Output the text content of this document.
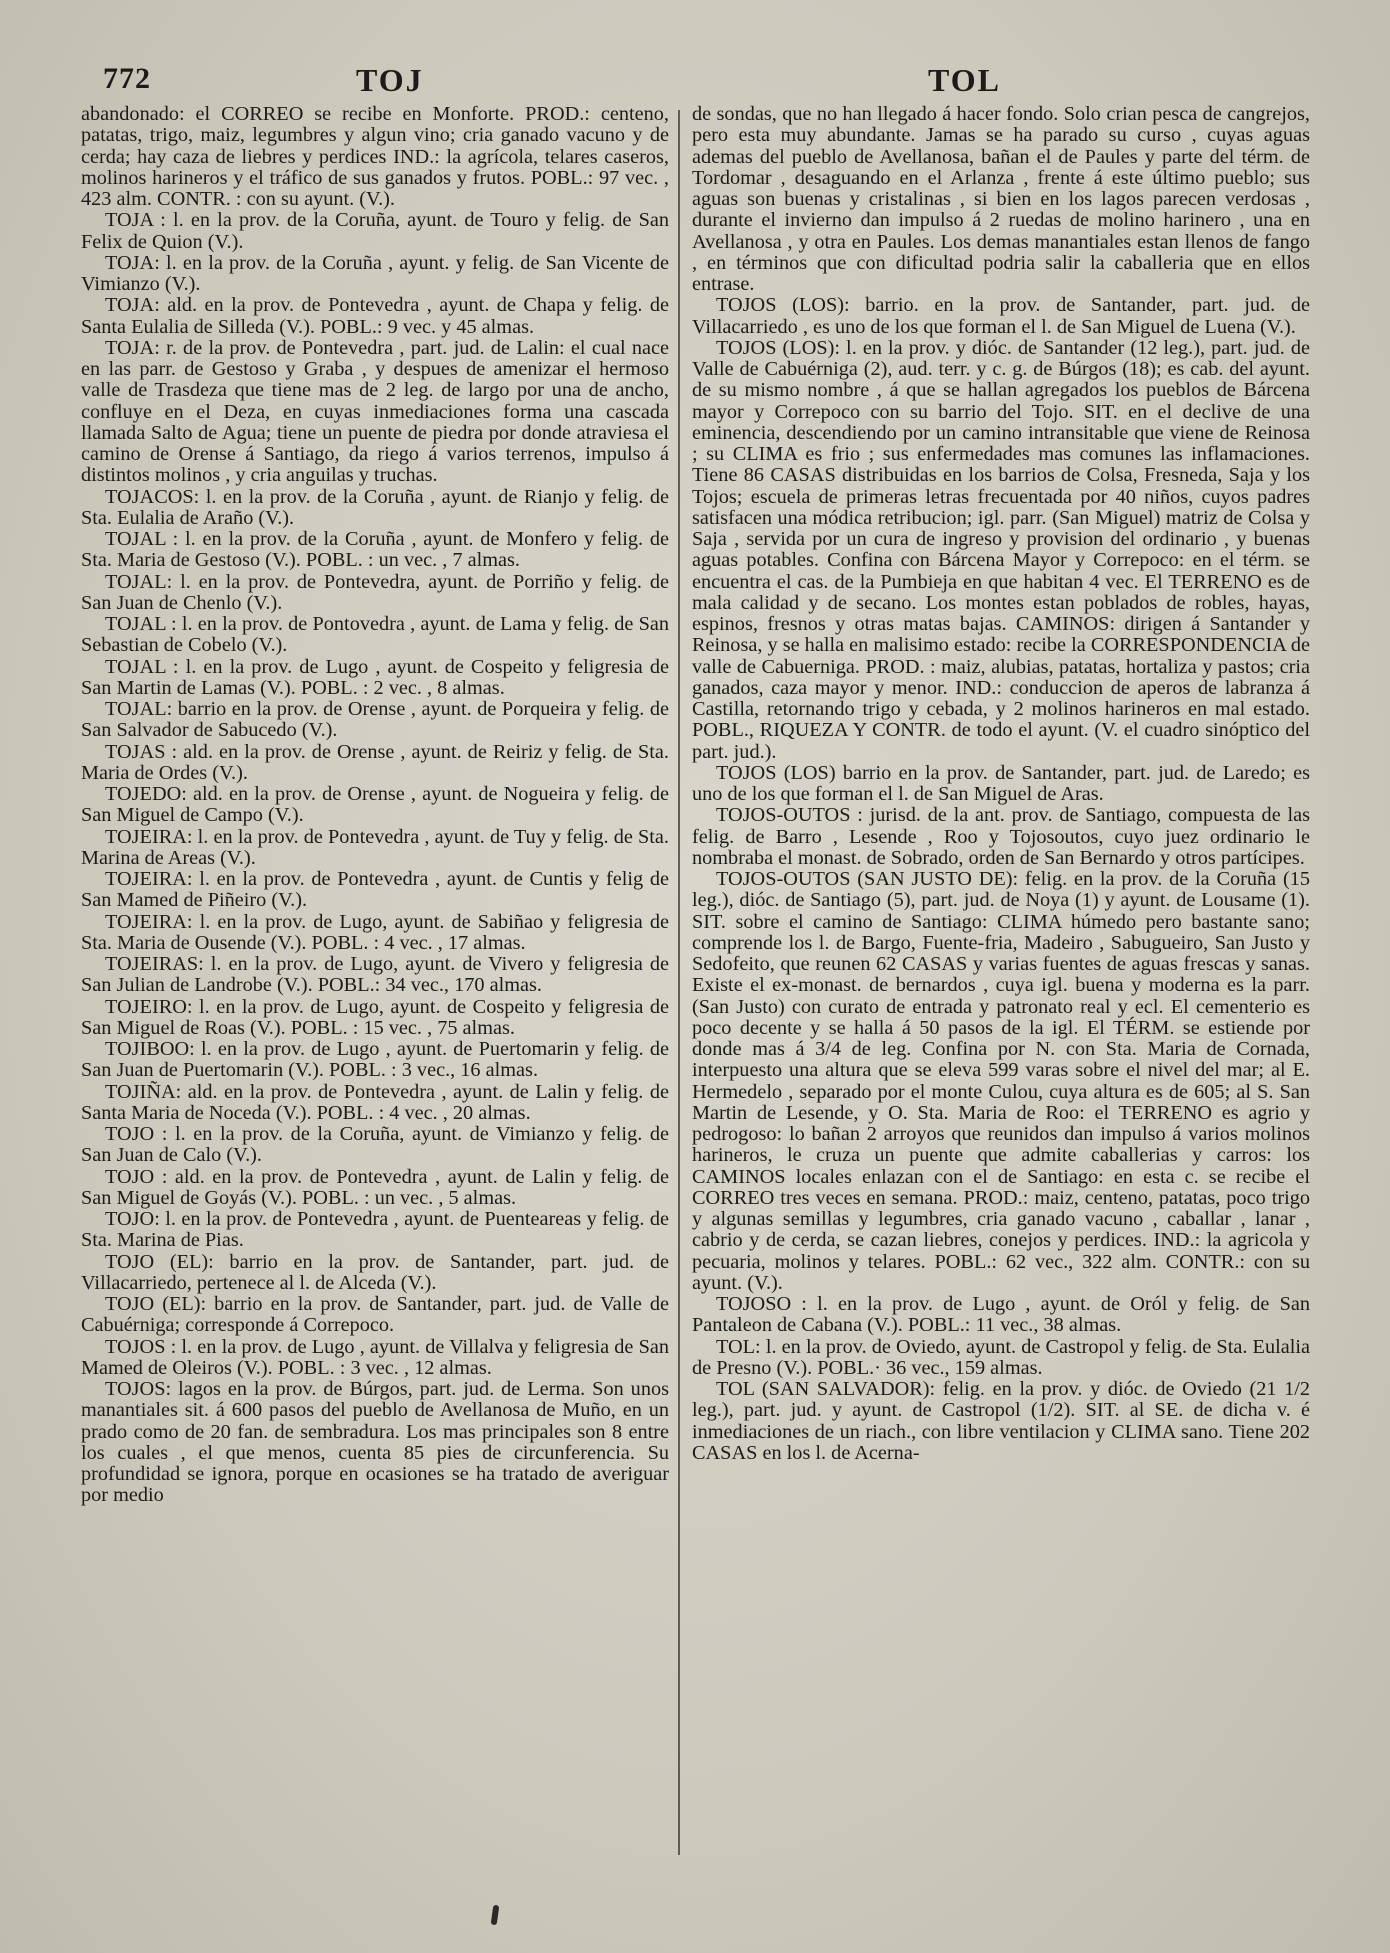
772	TOJ	TOL

abandonado: el CORREO se recibe en Monforte. PROD.: centeno, patatas, trigo, maiz, legumbres y algun vino; cria ganado vacuno y de cerda; hay caza de liebres y perdices IND.: la agrícola, telares caseros, molinos harineros y el tráfico de sus ganados y frutos. POBL.: 97 vec. , 423 alm. CONTR. : con su ayunt. (V.).

TOJA : l. en la prov. de la Coruña, ayunt. de Touro y felig. de San Felix de Quion (V.).

TOJA: l. en la prov. de la Coruña , ayunt. y felig. de San Vicente de Vimianzo (V.).

TOJA: ald. en la prov. de Pontevedra , ayunt. de Chapa y felig. de Santa Eulalia de Silleda (V.). POBL.: 9 vec. y 45 almas.

TOJA: r. de la prov. de Pontevedra , part. jud. de Lalin: el cual nace en las parr. de Gestoso y Graba , y despues de amenizar el hermoso valle de Trasdeza que tiene mas de 2 leg. de largo por una de ancho, confluye en el Deza, en cuyas inmediaciones forma una cascada llamada Salto de Agua; tiene un puente de piedra por donde atraviesa el camino de Orense á Santiago, da riego á varios terrenos, impulso á distintos molinos , y cria anguilas y truchas.

TOJACOS: l. en la prov. de la Coruña , ayunt. de Rianjo y felig. de Sta. Eulalia de Araño (V.).

TOJAL : l. en la prov. de la Coruña , ayunt. de Monfero y felig. de Sta. Maria de Gestoso (V.). POBL. : un vec. , 7 almas.

TOJAL: l. en la prov. de Pontevedra, ayunt. de Porriño y felig. de San Juan de Chenlo (V.).

TOJAL : l. en la prov. de Pontovedra , ayunt. de Lama y felig. de San Sebastian de Cobelo (V.).

TOJAL : l. en la prov. de Lugo , ayunt. de Cospeito y feligresia de San Martin de Lamas (V.). POBL. : 2 vec. , 8 almas.

TOJAL: barrio en la prov. de Orense , ayunt. de Porqueira y felig. de San Salvador de Sabucedo (V.).

TOJAS : ald. en la prov. de Orense , ayunt. de Reiriz y felig. de Sta. Maria de Ordes (V.).

TOJEDO: ald. en la prov. de Orense , ayunt. de Nogueira y felig. de San Miguel de Campo (V.).

TOJEIRA: l. en la prov. de Pontevedra , ayunt. de Tuy y felig. de Sta. Marina de Areas (V.).

TOJEIRA: l. en la prov. de Pontevedra , ayunt. de Cuntis y felig de San Mamed de Piñeiro (V.).

TOJEIRA: l. en la prov. de Lugo, ayunt. de Sabiñao y feligresia de Sta. Maria de Ousende (V.). POBL. : 4 vec. , 17 almas.

TOJEIRAS: l. en la prov. de Lugo, ayunt. de Vivero y feligresia de San Julian de Landrobe (V.). POBL.: 34 vec., 170 almas.

TOJEIRO: l. en la prov. de Lugo, ayunt. de Cospeito y feligresia de San Miguel de Roas (V.). POBL. : 15 vec. , 75 almas.

TOJIBOO: l. en la prov. de Lugo , ayunt. de Puertomarin y felig. de San Juan de Puertomarin (V.). POBL. : 3 vec., 16 almas.

TOJIÑA: ald. en la prov. de Pontevedra , ayunt. de Lalin y felig. de Santa Maria de Noceda (V.). POBL. : 4 vec. , 20 almas.

TOJO : l. en la prov. de la Coruña, ayunt. de Vimianzo y felig. de San Juan de Calo (V.).

TOJO : ald. en la prov. de Pontevedra , ayunt. de Lalin y felig. de San Miguel de Goyás (V.). POBL. : un vec. , 5 almas.

TOJO: l. en la prov. de Pontevedra , ayunt. de Puenteareas y felig. de Sta. Marina de Pias.

TOJO (EL): barrio en la prov. de Santander, part. jud. de Villacarriedo, pertenece al l. de Alceda (V.).

TOJO (EL): barrio en la prov. de Santander, part. jud. de Valle de Cabuérniga; corresponde á Correpoco.

TOJOS : l. en la prov. de Lugo , ayunt. de Villalva y feligresia de San Mamed de Oleiros (V.). POBL. : 3 vec. , 12 almas.

TOJOS: lagos en la prov. de Búrgos, part. jud. de Lerma. Son unos manantiales sit. á 600 pasos del pueblo de Avellanosa de Muño, en un prado como de 20 fan. de sembradura. Los mas principales son 8 entre los cuales , el que menos, cuenta 85 pies de circunferencia. Su profundidad se ignora, porque en ocasiones se ha tratado de averiguar por medio

de sondas, que no han llegado á hacer fondo. Solo crian pesca de cangrejos, pero esta muy abundante. Jamas se ha parado su curso , cuyas aguas ademas del pueblo de Avellanosa, bañan el de Paules y parte del térm. de Tordomar , desaguando en el Arlanza , frente á este último pueblo; sus aguas son buenas y cristalinas , si bien en los lagos parecen verdosas , durante el invierno dan impulso á 2 ruedas de molino harinero , una en Avellanosa , y otra en Paules. Los demas manantiales estan llenos de fango , en términos que con dificultad podria salir la caballeria que en ellos entrase.

TOJOS (LOS): barrio. en la prov. de Santander, part. jud. de Villacarriedo , es uno de los que forman el l. de San Miguel de Luena (V.).

TOJOS (LOS): l. en la prov. y dióc. de Santander (12 leg.), part. jud. de Valle de Cabuérniga (2), aud. terr. y c. g. de Búrgos (18); es cab. del ayunt. de su mismo nombre , á que se hallan agregados los pueblos de Bárcena mayor y Correpoco con su barrio del Tojo. SIT. en el declive de una eminencia, descendiendo por un camino intransitable que viene de Reinosa ; su CLIMA es frio ; sus enfermedades mas comunes las inflamaciones. Tiene 86 CASAS distribuidas en los barrios de Colsa, Fresneda, Saja y los Tojos; escuela de primeras letras frecuentada por 40 niños, cuyos padres satisfacen una módica retribucion; igl. parr. (San Miguel) matriz de Colsa y Saja , servida por un cura de ingreso y provision del ordinario , y buenas aguas potables. Confina con Bárcena Mayor y Correpoco: en el térm. se encuentra el cas. de la Pumbieja en que habitan 4 vec. El TERRENO es de mala calidad y de secano. Los montes estan poblados de robles, hayas, espinos, fresnos y otras matas bajas. CAMINOS: dirigen á Santander y Reinosa, y se halla en malisimo estado: recibe la CORRESPONDENCIA de valle de Cabuerniga. PROD. : maiz, alubias, patatas, hortaliza y pastos; cria ganados, caza mayor y menor. IND.: conduccion de aperos de labranza á Castilla, retornando trigo y cebada, y 2 molinos harineros en mal estado. POBL., RIQUEZA Y CONTR. de todo el ayunt. (V. el cuadro sinóptico del part. jud.).

TOJOS (LOS) barrio en la prov. de Santander, part. jud. de Laredo; es uno de los que forman el l. de San Miguel de Aras.

TOJOS-OUTOS : jurisd. de la ant. prov. de Santiago, compuesta de las felig. de Barro , Lesende , Roo y Tojosoutos, cuyo juez ordinario le nombraba el monast. de Sobrado, orden de San Bernardo y otros partícipes.

TOJOS-OUTOS (SAN JUSTO DE): felig. en la prov. de la Coruña (15 leg.), dióc. de Santiago (5), part. jud. de Noya (1) y ayunt. de Lousame (1). SIT. sobre el camino de Santiago: CLIMA húmedo pero bastante sano; comprende los l. de Bargo, Fuente-fria, Madeiro , Sabugueiro, San Justo y Sedofeito, que reunen 62 CASAS y varias fuentes de aguas frescas y sanas. Existe el ex-monast. de bernardos , cuya igl. buena y moderna es la parr. (San Justo) con curato de entrada y patronato real y ecl. El cementerio es poco decente y se halla á 50 pasos de la igl. El TÉRM. se estiende por donde mas á 3/4 de leg. Confina por N. con Sta. Maria de Cornada, interpuesto una altura que se eleva 599 varas sobre el nivel del mar; al E. Hermedelo , separado por el monte Culou, cuya altura es de 605; al S. San Martin de Lesende, y O. Sta. Maria de Roo: el TERRENO es agrio y pedrogoso: lo bañan 2 arroyos que reunidos dan impulso á varios molinos harineros, le cruza un puente que admite caballerias y carros: los CAMINOS locales enlazan con el de Santiago: en esta c. se recibe el CORREO tres veces en semana. PROD.: maiz, centeno, patatas, poco trigo y algunas semillas y legumbres, cria ganado vacuno , caballar , lanar , cabrio y de cerda, se cazan liebres, conejos y perdices. IND.: la agricola y pecuaria, molinos y telares. POBL.: 62 vec., 322 alm. CONTR.: con su ayunt. (V.).

TOJOSO : l. en la prov. de Lugo , ayunt. de Oról y felig. de San Pantaleon de Cabana (V.). POBL.: 11 vec., 38 almas.

TOL: l. en la prov. de Oviedo, ayunt. de Castropol y felig. de Sta. Eulalia de Presno (V.). POBL.· 36 vec., 159 almas.

TOL (SAN SALVADOR): felig. en la prov. y dióc. de Oviedo (21 1/2 leg.), part. jud. y ayunt. de Castropol (1/2). SIT. al SE. de dicha v. é inmediaciones de un riach., con libre ventilacion y CLIMA sano. Tiene 202 CASAS en los l. de Acerna-
